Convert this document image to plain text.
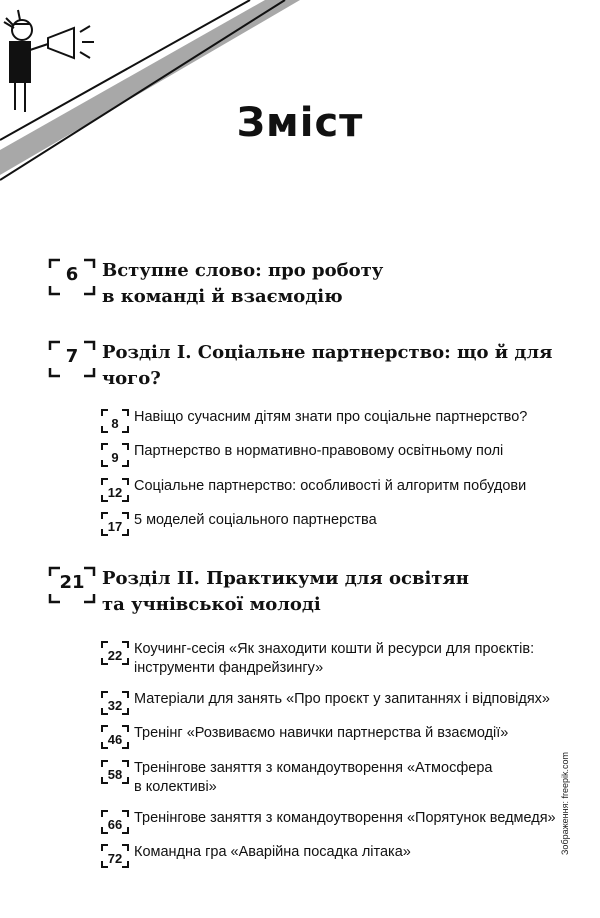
Зміст
6	Вступне слово: про роботу
в команді й взаємодію
7	Розділ І. Соціальне партнерство: що й для
чого?
8	Навіщо сучасним дітям знати про соціальне партнерство?
9	Партнерство в нормативно-правовому освітньому полі
12 Соціальне партнерство: особливості й алгоритм побудови
17 5 моделей соціального партнерства
21 Розділ ІІ. Практикуми для освітян
та учнівської молоді
22 Коучинг-сесія «Як знаходити кошти й ресурси для проєктів:
інструменти фандрейзингу»
32 Матеріали для занять «Про проєкт у запитаннях і відповідях»
46 Тренінг «Розвиваємо навички партнерства й взаємодії»
58 Тренінгове заняття з командоутворення «Атмосфера
в колективі»
66 Тренінгове заняття з командоутворення «Порятунок ведмедя»
72 Командна гра «Аварійна посадка літака»	Зображення: freepik.com
